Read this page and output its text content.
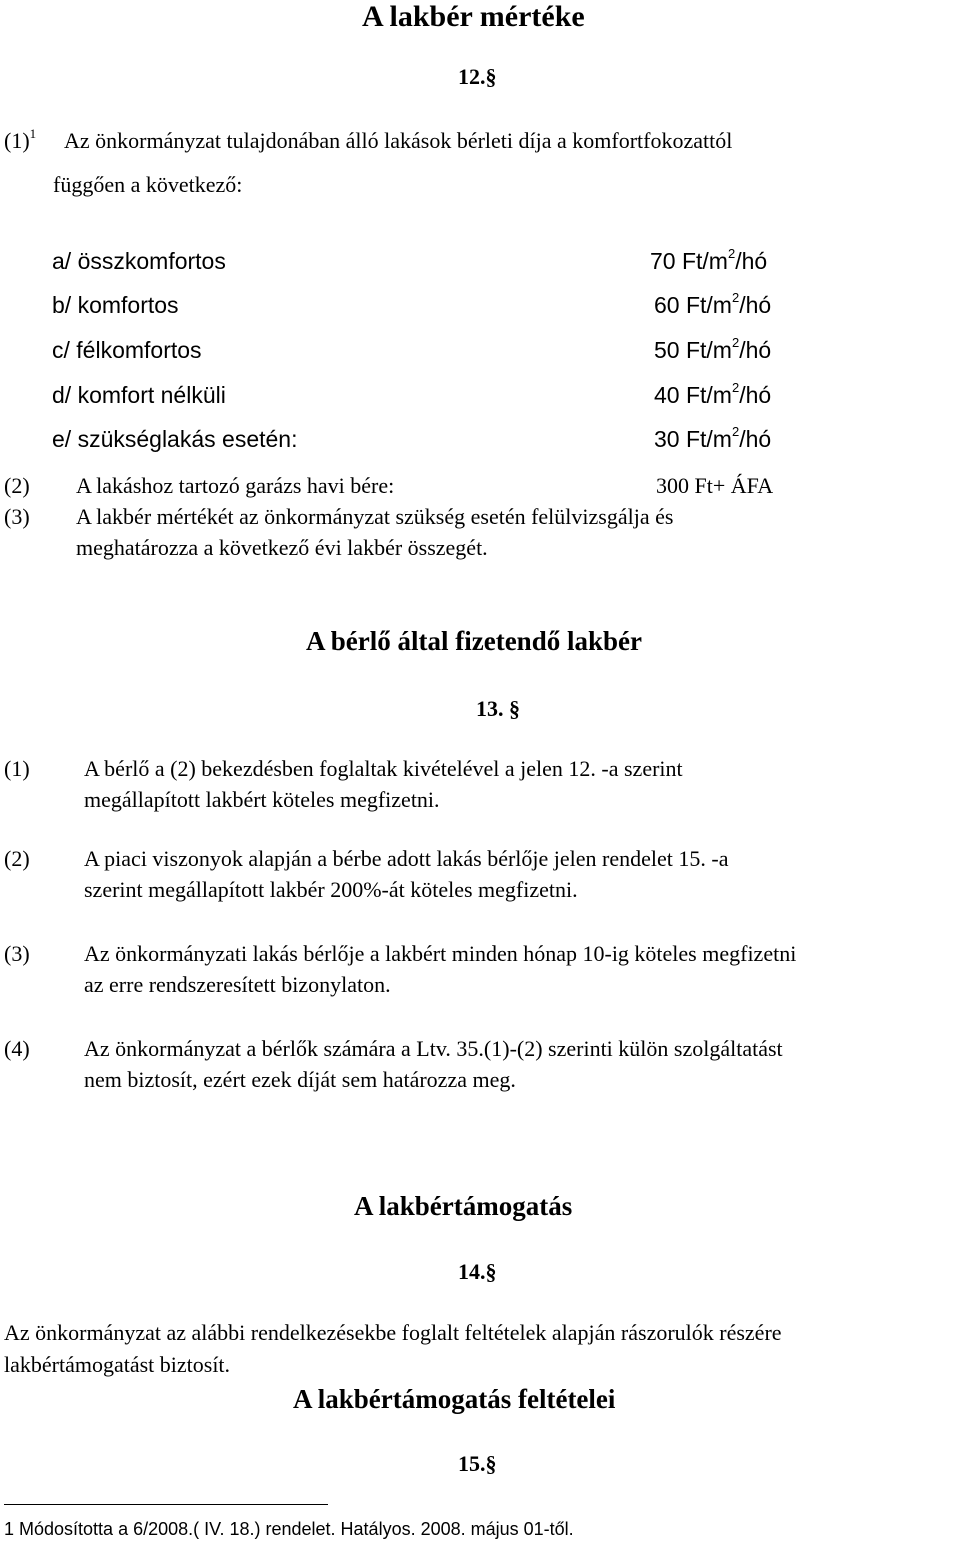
A lakbér mértéke
12.§
$(1)^1$ Az önkormányzat tulajdonában álló lakások bérleti díja a komfortfokozattól
függően a következő:
a/ összkomfortos	70 $Ft/m^2/hó$
b/ komfortos	60 $Ft/m^2/hó$
c/ félkomfortos	50 $Ft/m^2/hó$
d/ komfort nélküli	40 $Ft/m^2/hó$
e/ szükséglakás esetén:	30 $Ft/m^2/hó$
(2) A lakáshoz tartozó garázs havi bére:	300 Ft+ ÁFA
(3) A lakbér mértékét az önkormányzat szükség esetén felülvizsgálja és
meghatározza a következő évi lakbér összegét.
A bérlő által fizetendő lakbér
13. §
(1) A bérlő a (2) bekezdésben foglaltak kivételével a jelen 12. -a szerint
megállapított lakbért köteles megfizetni.
(2) A piaci viszonyok alapján a bérbe adott lakás bérlője jelen rendelet 15. -a
szerint megállapított lakbér 200%-át köteles megfizetni.
(3) Az önkormányzati lakás bérlője a lakbért minden hónap 10-ig köteles megfizetni
az erre rendszeresített bizonylaton.
(4) Az önkormányzat a bérlők számára a Ltv. 35.(1)-(2) szerinti külön szolgáltatást
nem biztosít, ezért ezek díját sem határozza meg.
A lakbértámogatás
14.§
Az önkormányzat az alábbi rendelkezésekbe foglalt feltételek alapján rászorulók részére
lakbértámogatást biztosít.
A lakbértámogatás feltételei
15.§
1 Módosította a 6/2008.( IV. 18.) rendelet. Hatályos. 2008. május 01-től.
